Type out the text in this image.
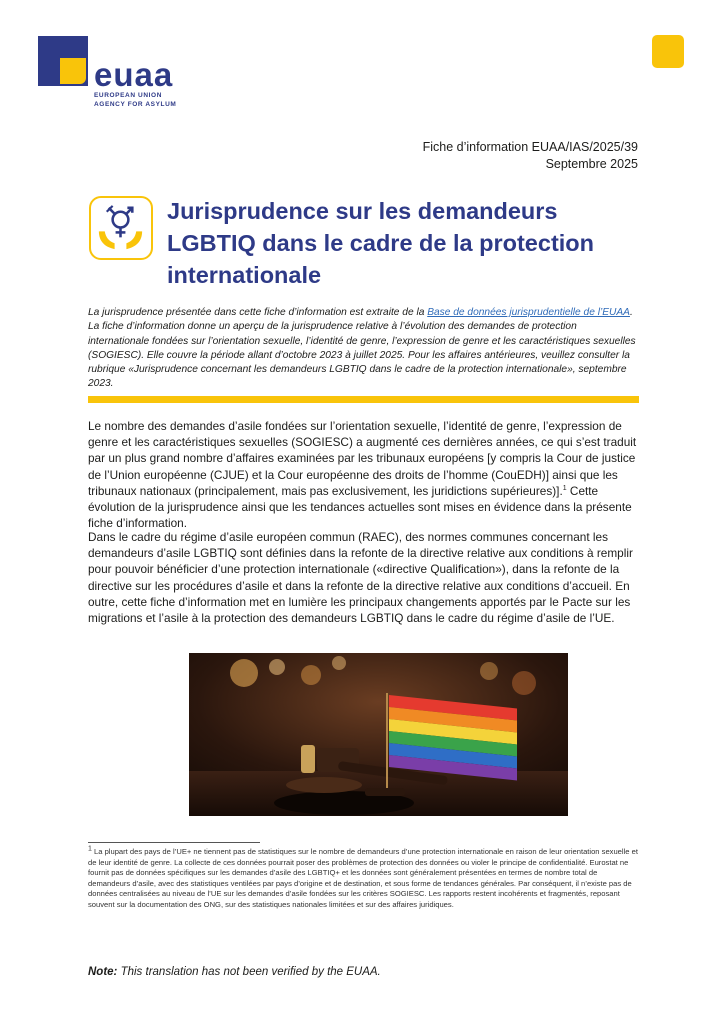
euaa
EUROPEAN UNION
AGENCY FOR ASYLUM
Fiche d’information EUAA/IAS/2025/39
Septembre 2025
Jurisprudence sur les demandeurs LGBTIQ dans le cadre de la protection internationale

La jurisprudence présentée dans cette fiche d’information est extraite de la Base de données jurisprudentielle de l’EUAA. La fiche d’information donne un aperçu de la jurisprudence relative à l’évolution des demandes de protection internationale fondées sur l’orientation sexuelle, l’identité de genre, l’expression de genre et les caractéristiques sexuelles (SOGIESC). Elle couvre la période allant d’octobre 2023 à juillet 2025. Pour les affaires antérieures, veuillez consulter la rubrique «Jurisprudence concernant les demandeurs LGBTIQ dans le cadre de la protection internationale», septembre 2023.

Le nombre des demandes d’asile fondées sur l’orientation sexuelle, l’identité de genre, l’expression de genre et les caractéristiques sexuelles (SOGIESC) a augmenté ces dernières années, ce qui s’est traduit par un plus grand nombre d’affaires examinées par les tribunaux européens [y compris la Cour de justice de l’Union européenne (CJUE) et la Cour européenne des droits de l’homme (CouEDH)] ainsi que les tribunaux nationaux (principalement, mais pas exclusivement, les juridictions supérieures)].$^1$ Cette évolution de la jurisprudence ainsi que les tendances actuelles sont mises en évidence dans la présente fiche d’information.

Dans le cadre du régime d’asile européen commun (RAEC), des normes communes concernant les demandeurs d’asile LGBTIQ sont définies dans la refonte de la directive relative aux conditions à remplir pour pouvoir bénéficier d’une protection internationale («directive Qualification»), dans la refonte de la directive sur les procédures d’asile et dans la refonte de la directive relative aux conditions d’accueil. En outre, cette fiche d’information met en lumière les principaux changements apportés par le Pacte sur les migrations et l’asile à la protection des demandeurs LGBTIQ dans le cadre du régime d’asile de l’UE.

$^1$ La plupart des pays de l’UE+ ne tiennent pas de statistiques sur le nombre de demandeurs d’une protection internationale en raison de leur orientation sexuelle et de leur identité de genre. La collecte de ces données pourrait poser des problèmes de protection des données ou violer le principe de confidentialité. Eurostat ne fournit pas de données spécifiques sur les demandes d’asile des LGBTIQ+ et les données sont généralement présentées en termes de nombre total de demandeurs d’asile, avec des statistiques ventilées par pays d’origine et de destination, et sous forme de tendances générales. Par conséquent, il n’existe pas de données centralisées au niveau de l’UE sur les demandes d’asile fondées sur les critères SOGIESC. Les rapports restent incohérents et fragmentés, reposant souvent sur la documentation des ONG, sur des statistiques nationales limitées et sur des affaires juridiques.

Note: This translation has not been verified by the EUAA.
